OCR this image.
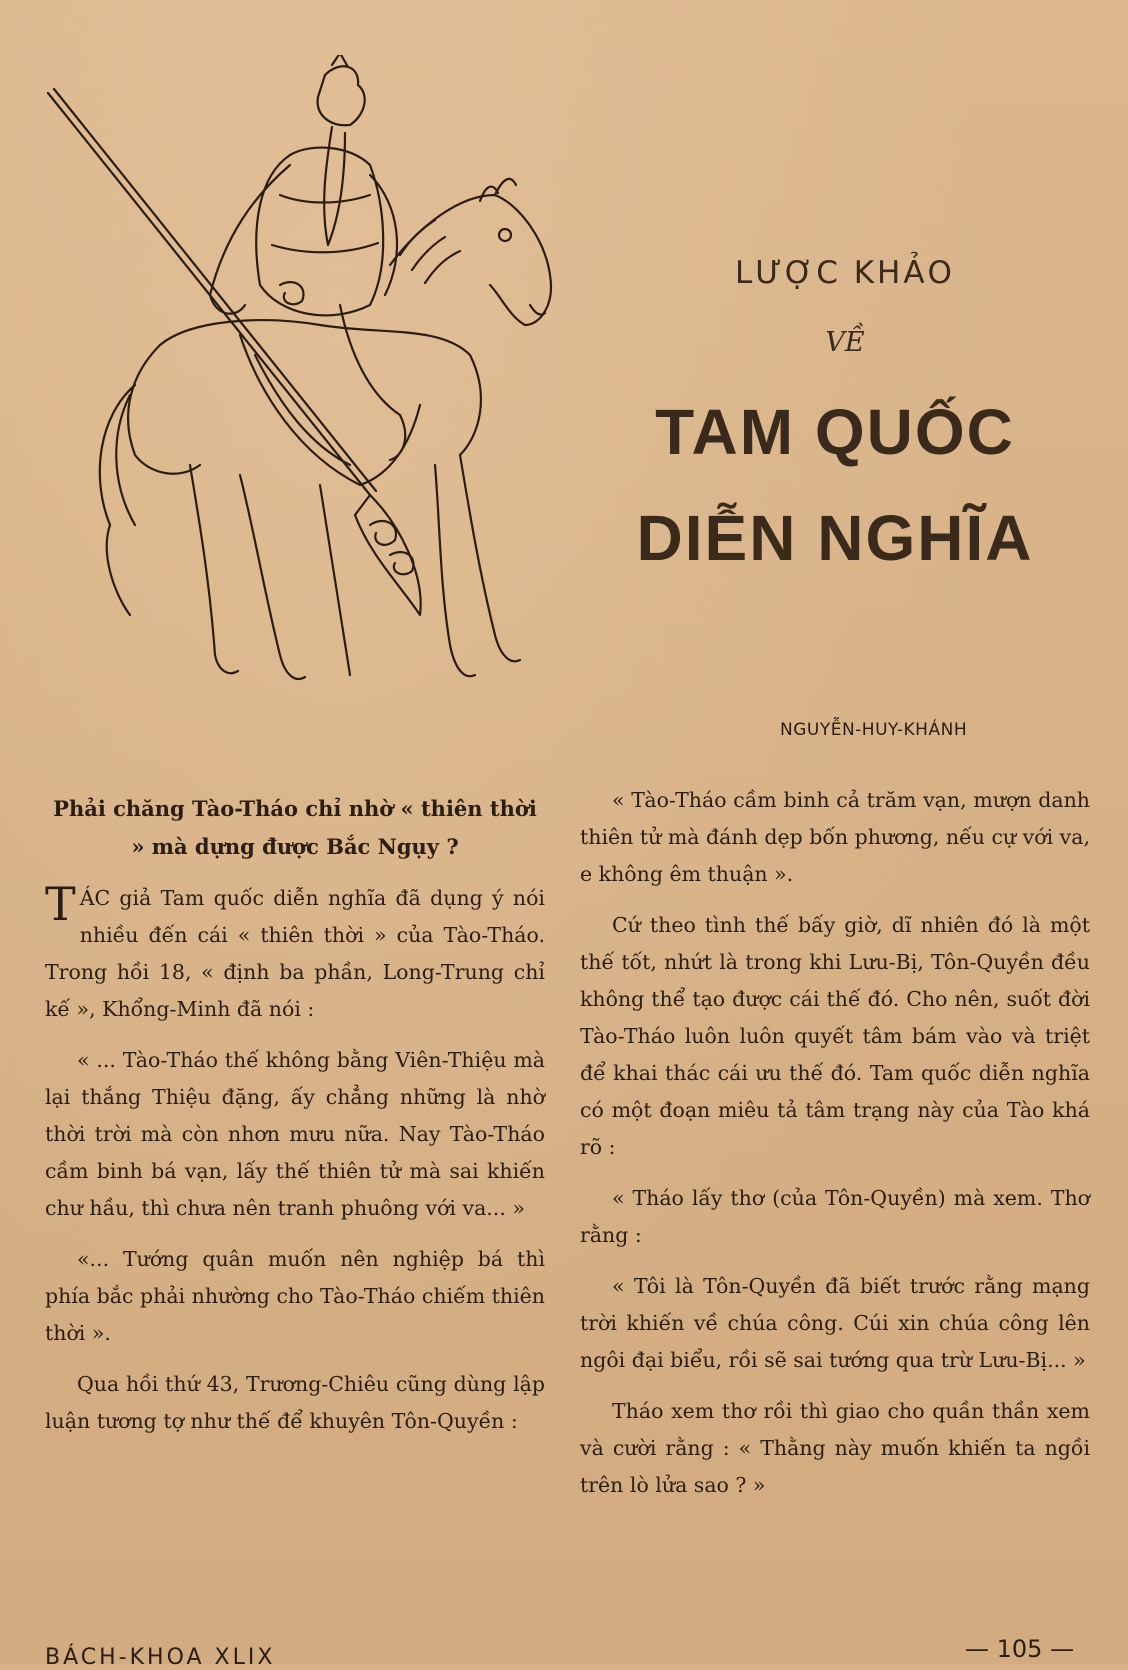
LƯỢC KHẢO
VỀ
TAM QUỐC
DIỄN NGHĨA
NGUYỄN-HUY-KHÁNH

Phải chăng Tào-Tháo chỉ nhờ « thiên thời » mà dựng được Bắc Ngụy ?

TÁC giả Tam quốc diễn nghĩa đã dụng ý nói nhiều đến cái « thiên thời » của Tào-Tháo. Trong hồi 18, « định ba phần, Long-Trung chỉ kế », Khổng-Minh đã nói :

« ... Tào-Tháo thế không bằng Viên-Thiệu mà lại thắng Thiệu đặng, ấy chẳng những là nhờ thời trời mà còn nhơn mưu nữa. Nay Tào-Tháo cầm binh bá vạn, lấy thế thiên tử mà sai khiến chư hầu, thì chưa nên tranh phuông với va... »

«... Tướng quân muốn nên nghiệp bá thì phía bắc phải nhường cho Tào-Tháo chiếm thiên thời ».

Qua hồi thứ 43, Trương-Chiêu cũng dùng lập luận tương tợ như thế để khuyên Tôn-Quyền :

« Tào-Tháo cầm binh cả trăm vạn, mượn danh thiên tử mà đánh dẹp bốn phương, nếu cự với va, e không êm thuận ».

Cứ theo tình thế bấy giờ, dĩ nhiên đó là một thế tốt, nhứt là trong khi Lưu-Bị, Tôn-Quyền đều không thể tạo được cái thế đó. Cho nên, suốt đời Tào-Tháo luôn luôn quyết tâm bám vào và triệt để khai thác cái ưu thế đó. Tam quốc diễn nghĩa có một đoạn miêu tả tâm trạng này của Tào khá rõ :

« Tháo lấy thơ (của Tôn-Quyền) mà xem. Thơ rằng :

« Tôi là Tôn-Quyền đã biết trước rằng mạng trời khiến về chúa công. Cúi xin chúa công lên ngôi đại biểu, rồi sẽ sai tướng qua trừ Lưu-Bị... »

Tháo xem thơ rồi thì giao cho quần thần xem và cười rằng : « Thằng này muốn khiến ta ngồi trên lò lửa sao ? »

BÁCH-KHOA XLIX	— 105 —
